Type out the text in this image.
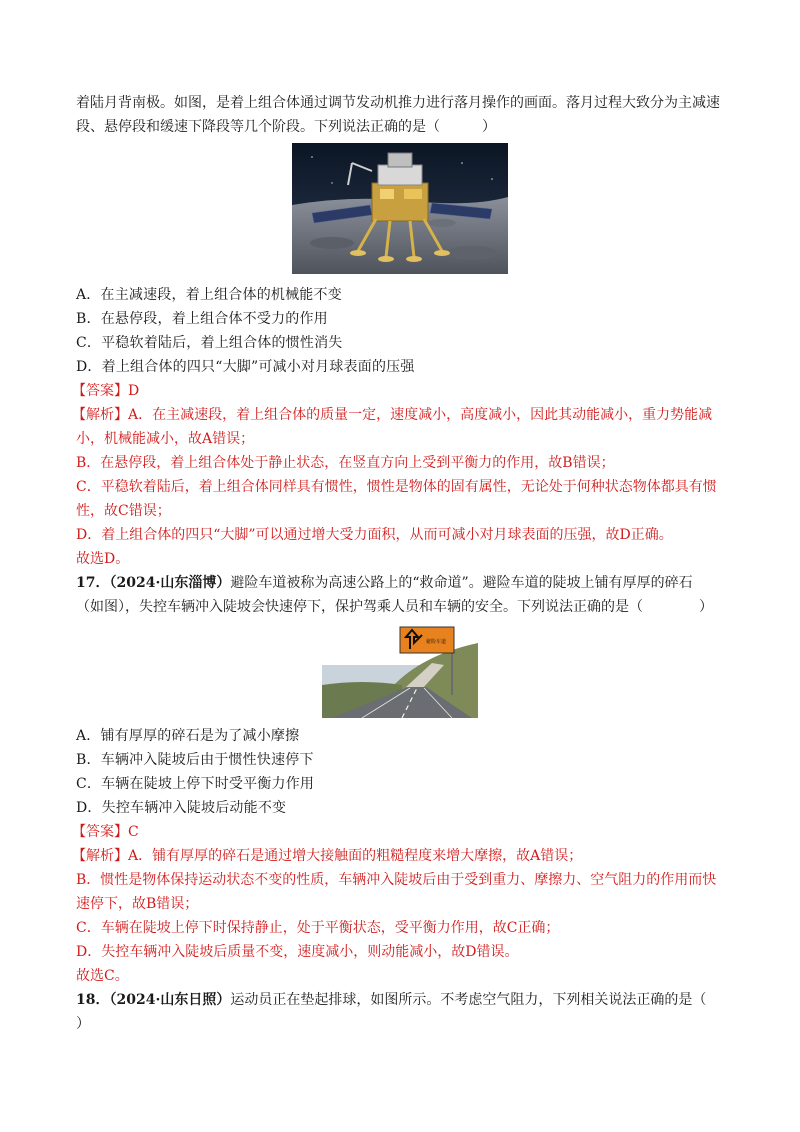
着陆月背南极。如图，是着上组合体通过调节发动机推力进行落月操作的画面。落月过程大致分为主减速
段、悬停段和缓速下降段等几个阶段。下列说法正确的是（　　　）
A．在主减速段，着上组合体的机械能不变
B．在悬停段，着上组合体不受力的作用
C．平稳软着陆后，着上组合体的惯性消失
D．着上组合体的四只“大脚”可减小对月球表面的压强
【答案】D
【解析】A．在主减速段，着上组合体的质量一定，速度减小，高度减小，因此其动能减小，重力势能减
小，机械能减小，故A错误；
B．在悬停段，着上组合体处于静止状态，在竖直方向上受到平衡力的作用，故B错误；
C．平稳软着陆后，着上组合体同样具有惯性，惯性是物体的固有属性，无论处于何种状态物体都具有惯
性，故C错误；
D．着上组合体的四只“大脚”可以通过增大受力面积，从而可减小对月球表面的压强，故D正确。
故选D。
17．（2024·山东淄博）避险车道被称为高速公路上的“救命道”。避险车道的陡坡上铺有厚厚的碎石
（如图），失控车辆冲入陡坡会快速停下，保护驾乘人员和车辆的安全。下列说法正确的是（　　　　）
避险车道
A．铺有厚厚的碎石是为了减小摩擦
B．车辆冲入陡坡后由于惯性快速停下
C．车辆在陡坡上停下时受平衡力作用
D．失控车辆冲入陡坡后动能不变
【答案】C
【解析】A．铺有厚厚的碎石是通过增大接触面的粗糙程度来增大摩擦，故A错误；
B．惯性是物体保持运动状态不变的性质，车辆冲入陡坡后由于受到重力、摩擦力、空气阻力的作用而快
速停下，故B错误；
C．车辆在陡坡上停下时保持静止，处于平衡状态，受平衡力作用，故C正确；
D．失控车辆冲入陡坡后质量不变，速度减小，则动能减小，故D错误。
故选C。
18．（2024·山东日照）运动员正在垫起排球，如图所示。不考虑空气阻力，下列相关说法正确的是（
）
